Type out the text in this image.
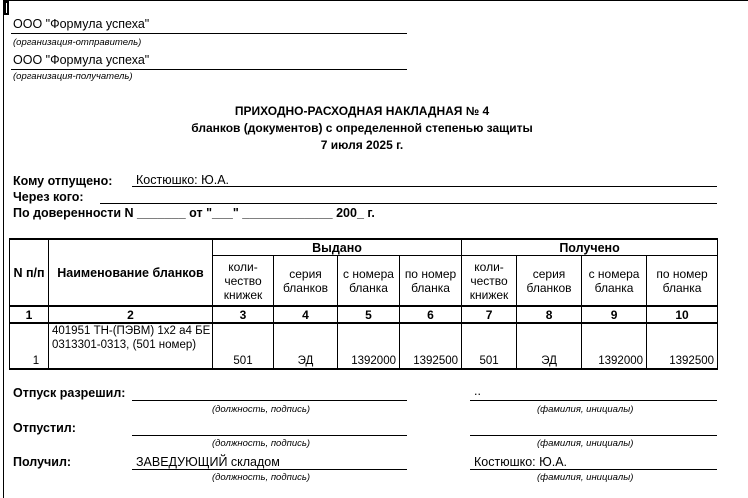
ООО "Формула успеха"
(организация-отправитель)
ООО "Формула успеха"
(организация-получатель)
ПРИХОДНО-РАСХОДНАЯ НАКЛАДНАЯ № 4
бланков (документов) с определенной степенью защиты
7 июля 2025 г.
Кому отпущено: Костюшко: Ю.А.
Через кого:
По доверенности N _______ от "___" _____________ 200_ г.
N п/п	Наименование бланков	Выдано				Получено			
		коли- чество книжек	серия бланков	с номера бланка	по номер бланка	коли- чество книжек	серия бланков	с номера бланка	по номер бланка
1	2	3	4	5	6	7	8	9	10
1	401951 ТН-(ПЭВМ) 1х2 а4 БЕ 0313301-0313, (501 номер)	501	ЭД	1392000	1392500	501	ЭД	1392000	1392500
Отпуск разрешил:
(должность, подпись)
..
(фамилия, инициалы)
Отпустил:
(должность, подпись)	(фамилия, инициалы)
Получил:	ЗАВЕДУЮЩИЙ складом
(должность, подпись)
Костюшко: Ю.А.
(фамилия, инициалы)
